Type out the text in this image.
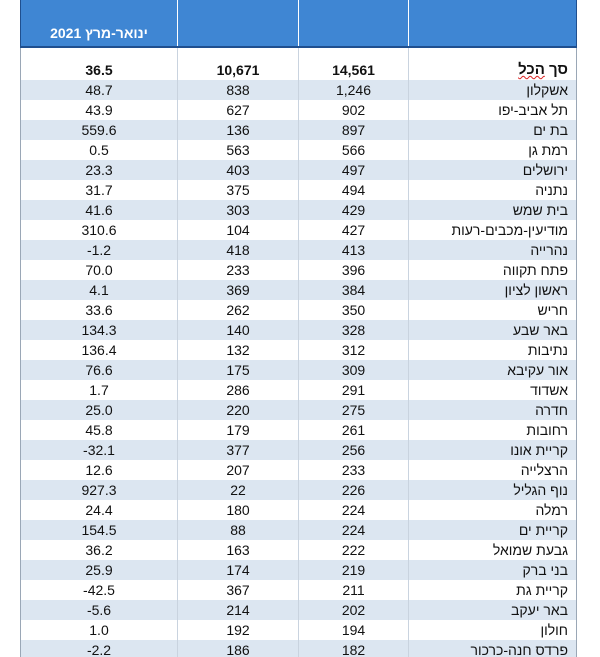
ינואר-מרץ 2021			

36.5	10,671	14,561	סך הכל
48.7	838	1,246	אשקלון
43.9	627	902	תל אביב-יפו
559.6	136	897	בת ים
0.5	563	566	רמת גן
23.3	403	497	ירושלים
31.7	375	494	נתניה
41.6	303	429	בית שמש
310.6	104	427	מודיעין-מכבים-רעות
-1.2	418	413	נהרייה
70.0	233	396	פתח תקווה
4.1	369	384	ראשון לציון
33.6	262	350	חריש
134.3	140	328	באר שבע
136.4	132	312	נתיבות
76.6	175	309	אור עקיבא
1.7	286	291	אשדוד
25.0	220	275	חדרה
45.8	179	261	רחובות
-32.1	377	256	קריית אונו
12.6	207	233	הרצלייה
927.3	22	226	נוף הגליל
24.4	180	224	רמלה
154.5	88	224	קריית ים
36.2	163	222	גבעת שמואל
25.9	174	219	בני ברק
-42.5	367	211	קריית גת
-5.6	214	202	באר יעקב
1.0	192	194	חולון
-2.2	186	182	פרדס חנה-כרכור
